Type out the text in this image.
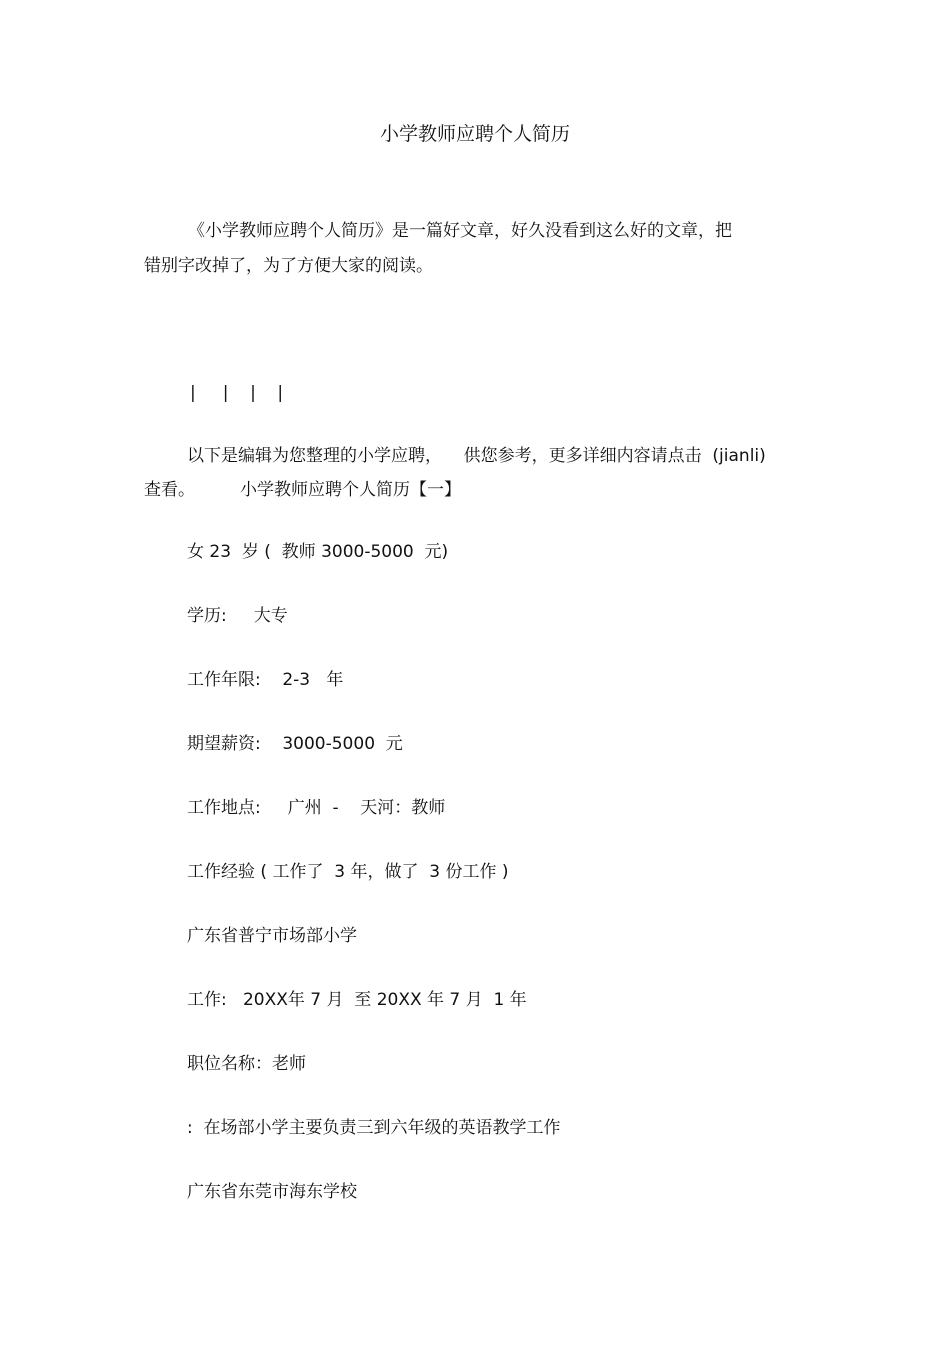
小学教师应聘个人简历
《小学教师应聘个人简历》是一篇好文章，好久没看到这么好的文章，把
错别字改掉了，为了方便大家的阅读。
|     |    |    |
以下是编辑为您整理的小学应聘，    供您参考，更多详细内容请点击  (jianli)
查看。	小学教师应聘个人简历【一】
女 23  岁 (  教师 3000-5000  元)
学历:     大专
工作年限:    2-3   年
期望薪资:    3000-5000  元
工作地点:     广州  -    天河：教师
工作经验 ( 工作了  3 年，做了  3 份工作 )
广东省普宁市场部小学
工作:   20XX年 7 月  至 20XX 年 7 月  1 年
职位名称：老师
:  在场部小学主要负责三到六年级的英语教学工作
广东省东莞市海东学校
